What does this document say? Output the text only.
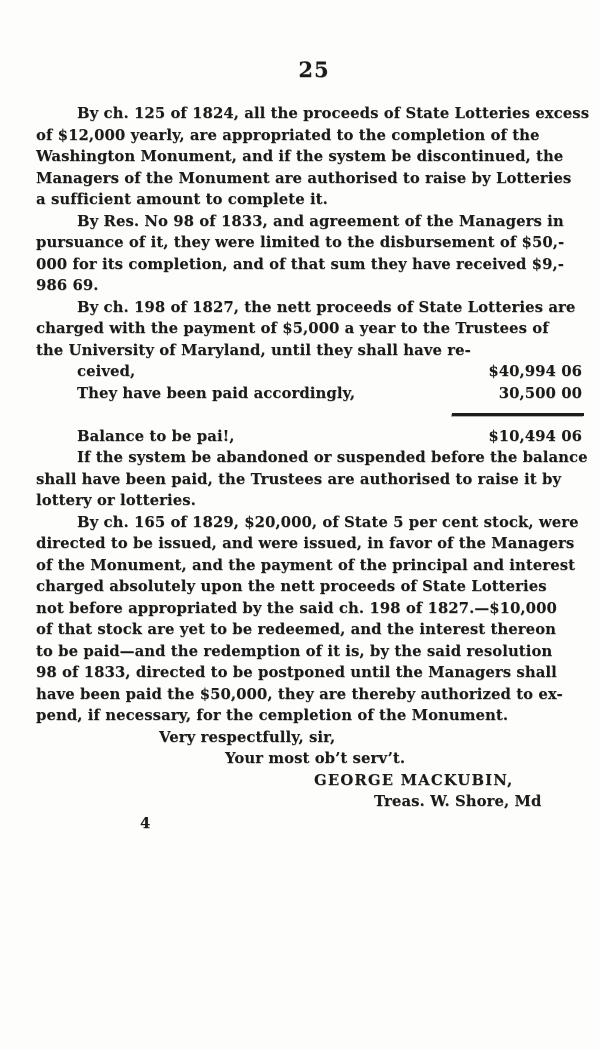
25
By ch. 125 of 1824, all the proceeds of State Lotteries excess
of $12,000 yearly, are appropriated to the completion of the
Washington Monument, and if the system be discontinued, the
Managers of the Monument are authorised to raise by Lotteries
a sufficient amount to complete it.
By Res. No 98 of 1833, and agreement of the Managers in
pursuance of it, they were limited to the disbursement of $50,-
000 for its completion, and of that sum they have received $9,-
986 69.
By ch. 198 of 1827, the nett proceeds of State Lotteries are
charged with the payment of $5,000 a year to the Trustees of
the University of Maryland, until they shall have re-
ceived,	$40,994 06
They have been paid accordingly,	30,500 00
Balance to be pai!,	$10,494 06
If the system be abandoned or suspended before the balance
shall have been paid, the Trustees are authorised to raise it by
lottery or lotteries.
By ch. 165 of 1829, $20,000, of State 5 per cent stock, were
directed to be issued, and were issued, in favor of the Managers
of the Monument, and the payment of the principal and interest
charged absolutely upon the nett proceeds of State Lotteries
not before appropriated by the said ch. 198 of 1827.—$10,000
of that stock are yet to be redeemed, and the interest thereon
to be paid—and the redemption of it is, by the said resolution
98 of 1833, directed to be postponed until the Managers shall
have been paid the $50,000, they are thereby authorized to ex-
pend, if necessary, for the cempletion of the Monument.
Very respectfully, sir,
Your most ob’t serv’t.
GEORGE MACKUBIN,
Treas. W. Shore, Md
4
